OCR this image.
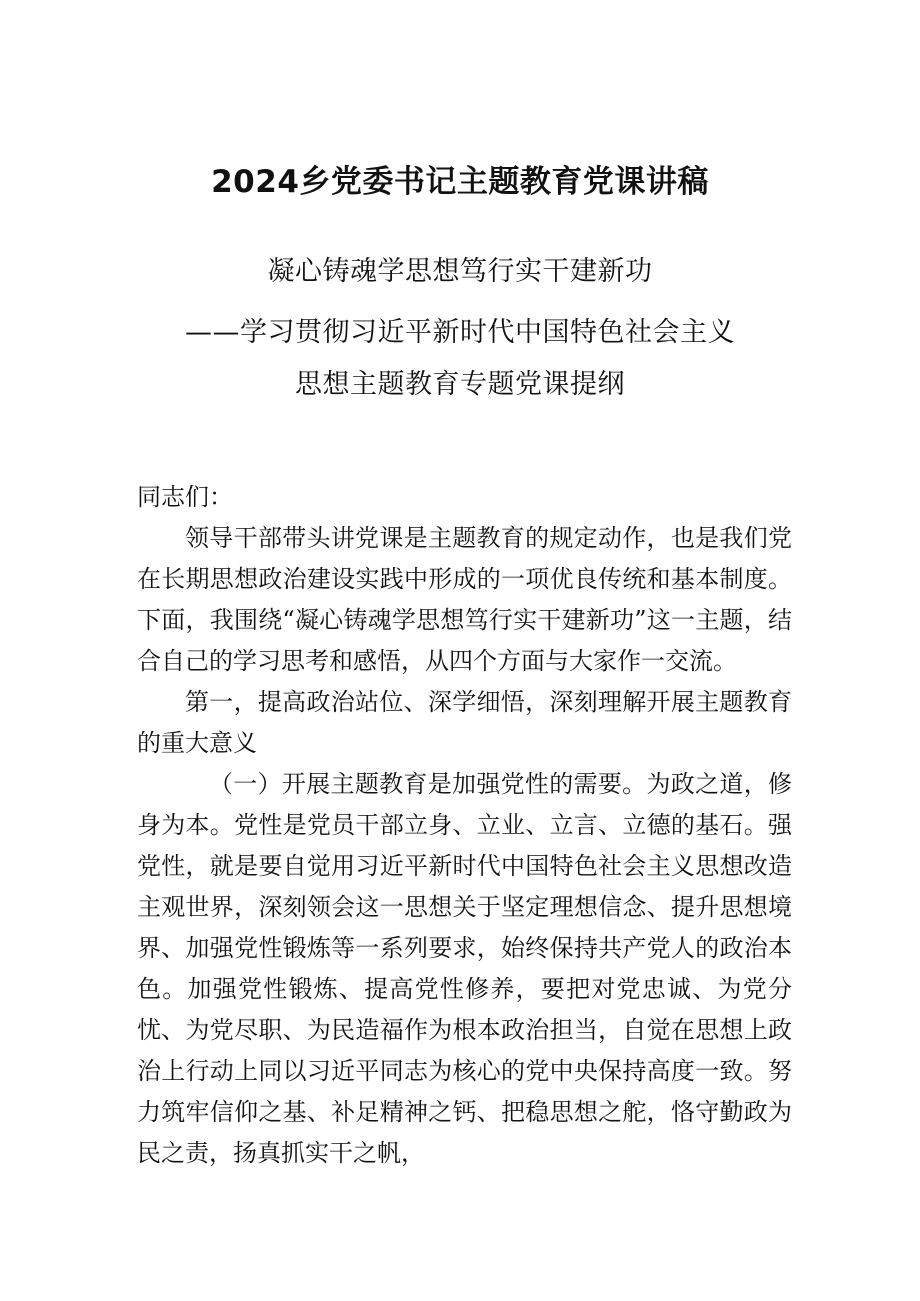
2024乡党委书记主题教育党课讲稿
凝心铸魂学思想笃行实干建新功
——学习贯彻习近平新时代中国特色社会主义
思想主题教育专题党课提纲

同志们：

领导干部带头讲党课是主题教育的规定动作，也是我们党在长期思想政治建设实践中形成的一项优良传统和基本制度。下面，我围绕“凝心铸魂学思想笃行实干建新功”这一主题，结合自己的学习思考和感悟，从四个方面与大家作一交流。

第一，提高政治站位、深学细悟，深刻理解开展主题教育的重大意义

（一）开展主题教育是加强党性的需要。为政之道，修身为本。党性是党员干部立身、立业、立言、立德的基石。强党性，就是要自觉用习近平新时代中国特色社会主义思想改造主观世界，深刻领会这一思想关于坚定理想信念、提升思想境界、加强党性锻炼等一系列要求，始终保持共产党人的政治本色。加强党性锻炼、提高党性修养，要把对党忠诚、为党分忧、为党尽职、为民造福作为根本政治担当，自觉在思想上政治上行动上同以习近平同志为核心的党中央保持高度一致。努力筑牢信仰之基、补足精神之钙、把稳思想之舵，恪守勤政为民之责，扬真抓实干之帆，
